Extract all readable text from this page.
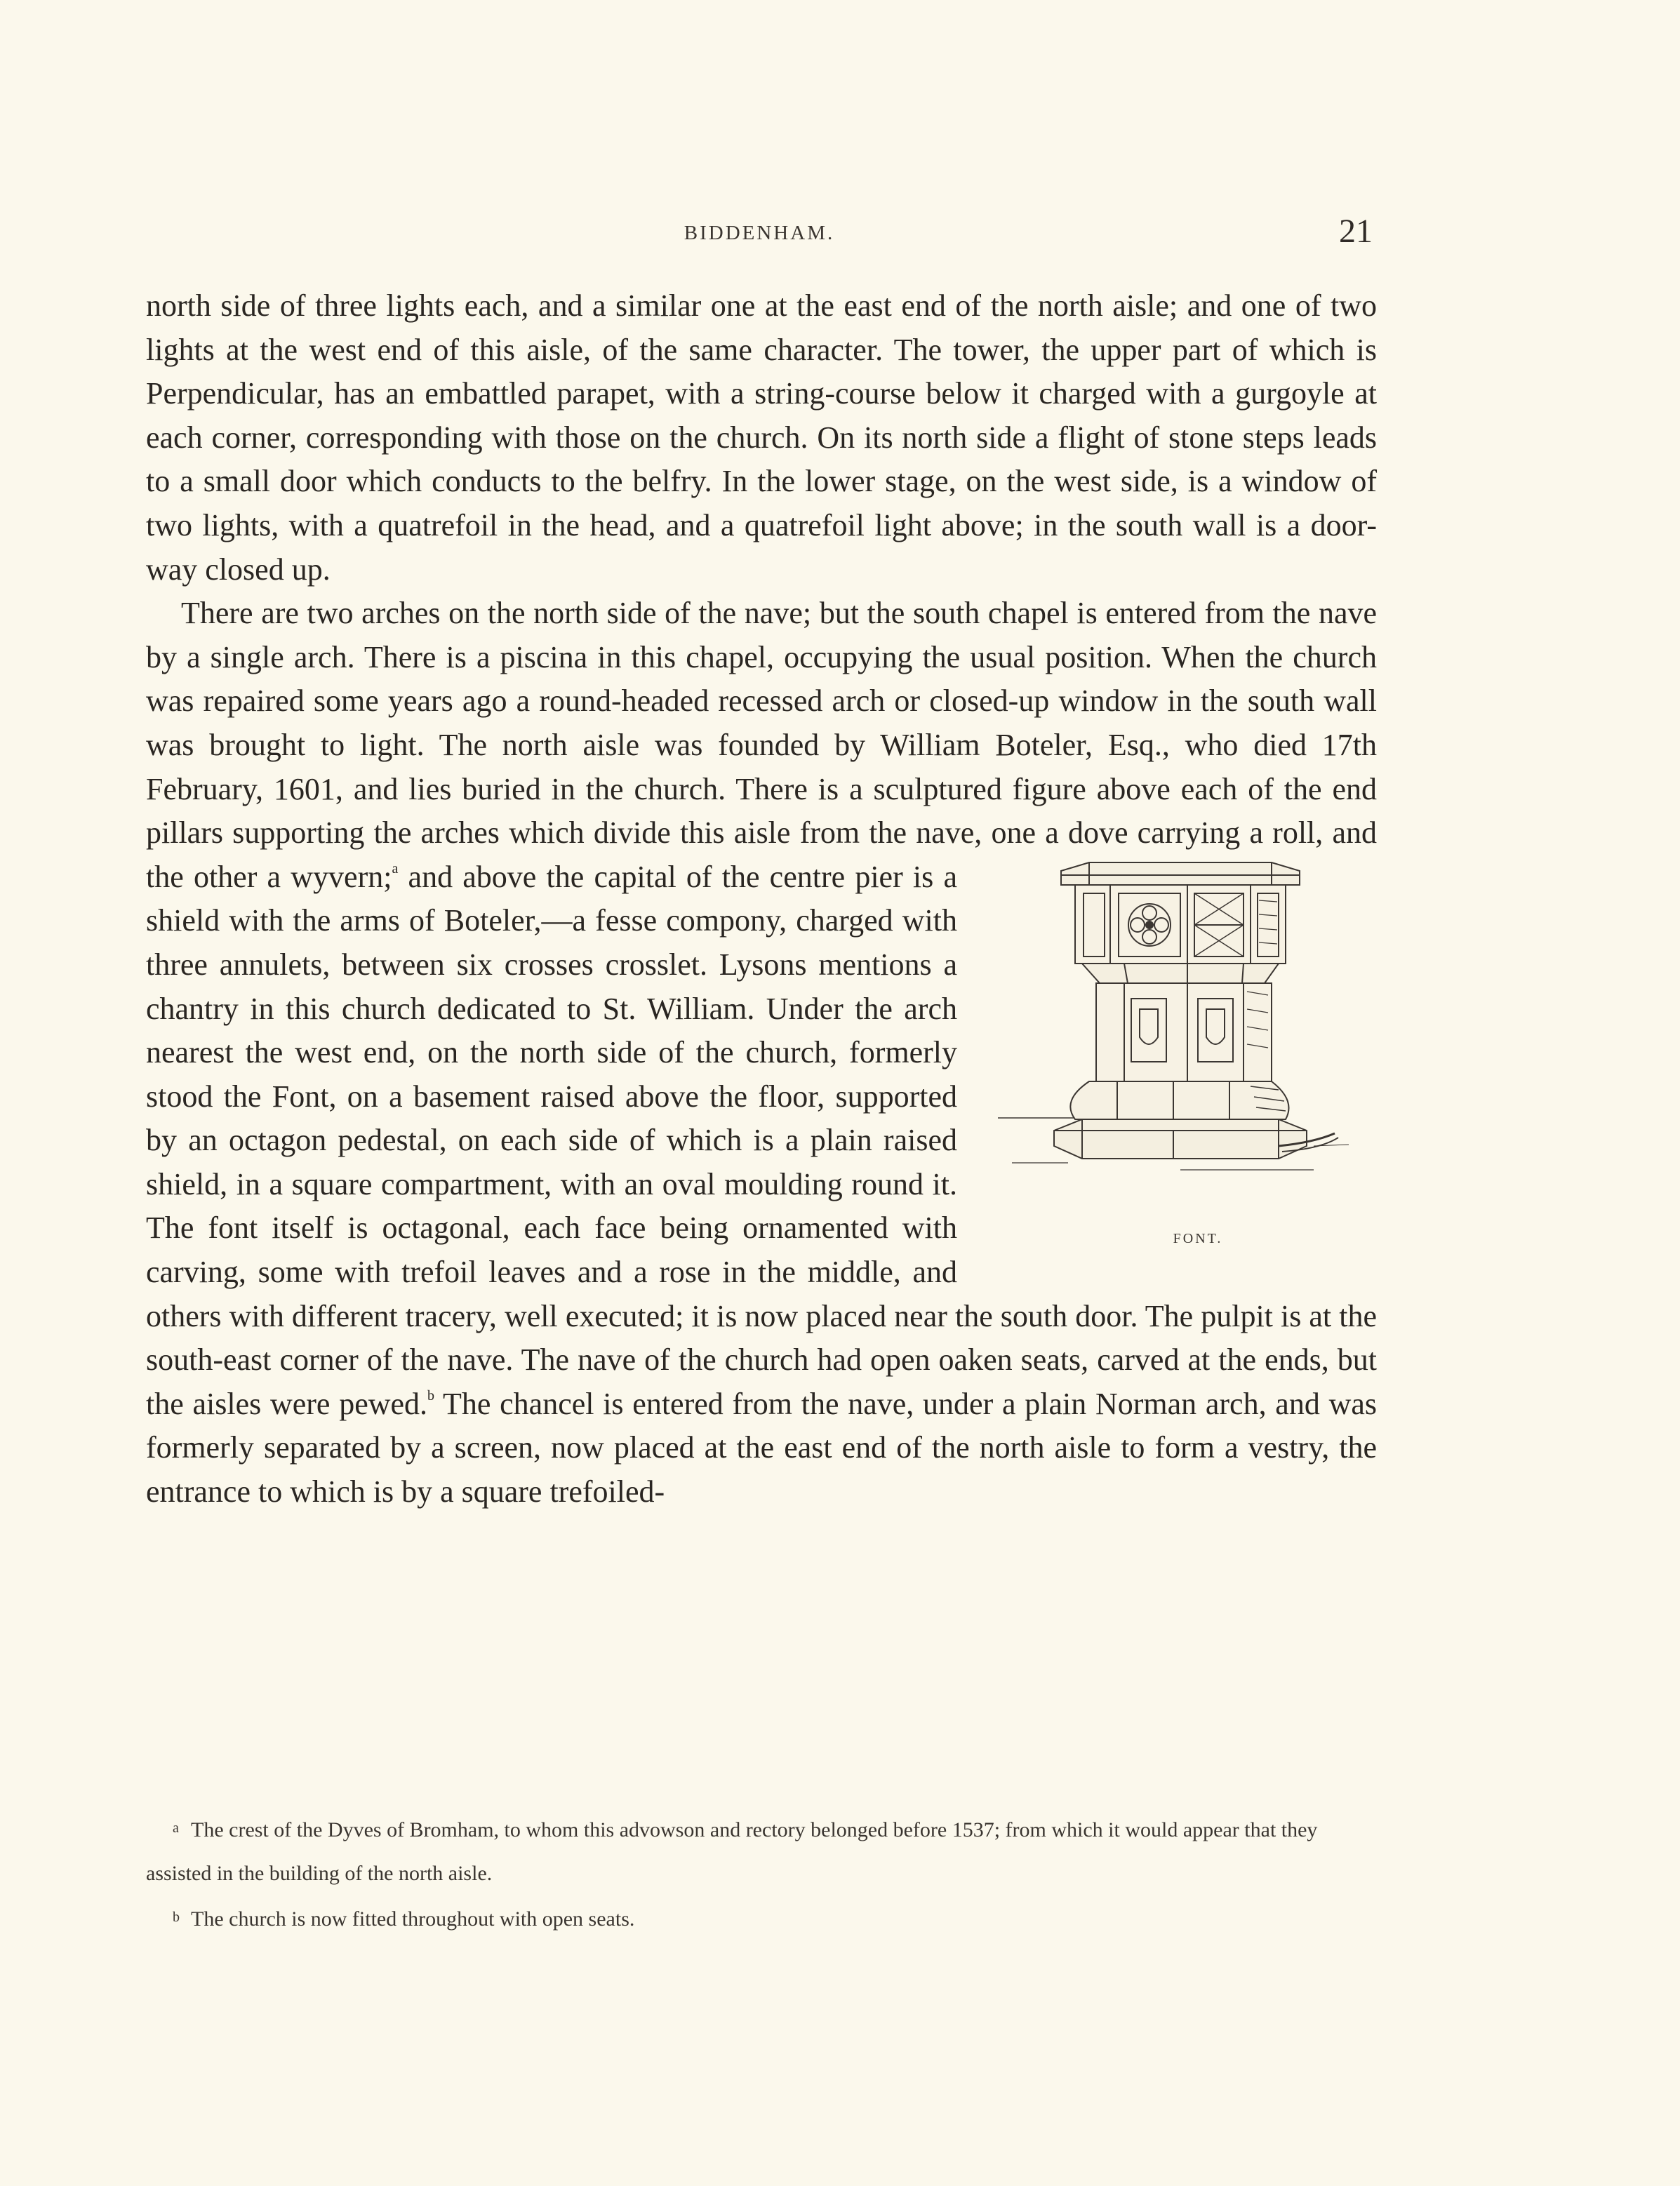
BIDDENHAM.	21

north side of three lights each, and a similar one at the east end of the north aisle; and one of two lights at the west end of this aisle, of the same character. The tower, the upper part of which is Perpendicular, has an embattled parapet, with a string-course below it charged with a gurgoyle at each corner, corresponding with those on the church. On its north side a flight of stone steps leads to a small door which conducts to the belfry. In the lower stage, on the west side, is a window of two lights, with a quatrefoil in the head, and a quatrefoil light above; in the south wall is a door-way closed up.

There are two arches on the north side of the nave; but the south chapel is entered from the nave by a single arch. There is a piscina in this chapel, occupying the usual position. When the church was repaired some years ago a round-headed recessed arch or closed-up window in the south wall was brought to light. The north aisle was founded by William Boteler, Esq., who died 17th February, 1601, and lies buried in the church. There is a sculptured figure above each of the end pillars supporting the arches which divide this aisle from the nave, one a dove carrying a roll, and the other a wyvern;$^a$
FONT.
and above the capital of the centre pier is a shield with the arms of Boteler,—a fesse compony, charged with three annulets, between six crosses crosslet. Lysons mentions a chantry in this church dedicated to St. William. Under the arch nearest the west end, on the north side of the church, formerly stood the Font, on a basement raised above the floor, supported by an octagon pedestal, on each side of which is a plain raised shield, in a square compartment, with an oval moulding round it. The font itself is octagonal, each face being ornamented with carving, some with trefoil leaves and a rose in the middle, and others with different tracery, well executed; it is now placed near the south door. The pulpit is at the south-east corner of the nave. The nave of the church had open oaken seats, carved at the ends, but the aisles were pewed.$^b$ The chancel is entered from the nave, under a plain Norman arch, and was formerly separated by a screen, now placed at the east end of the north aisle to form a vestry, the entrance to which is by a square trefoiled-

a The crest of the Dyves of Bromham, to whom this advowson and rectory belonged before 1537; from which it would appear that they assisted in the building of the north aisle.

b The church is now fitted throughout with open seats.
